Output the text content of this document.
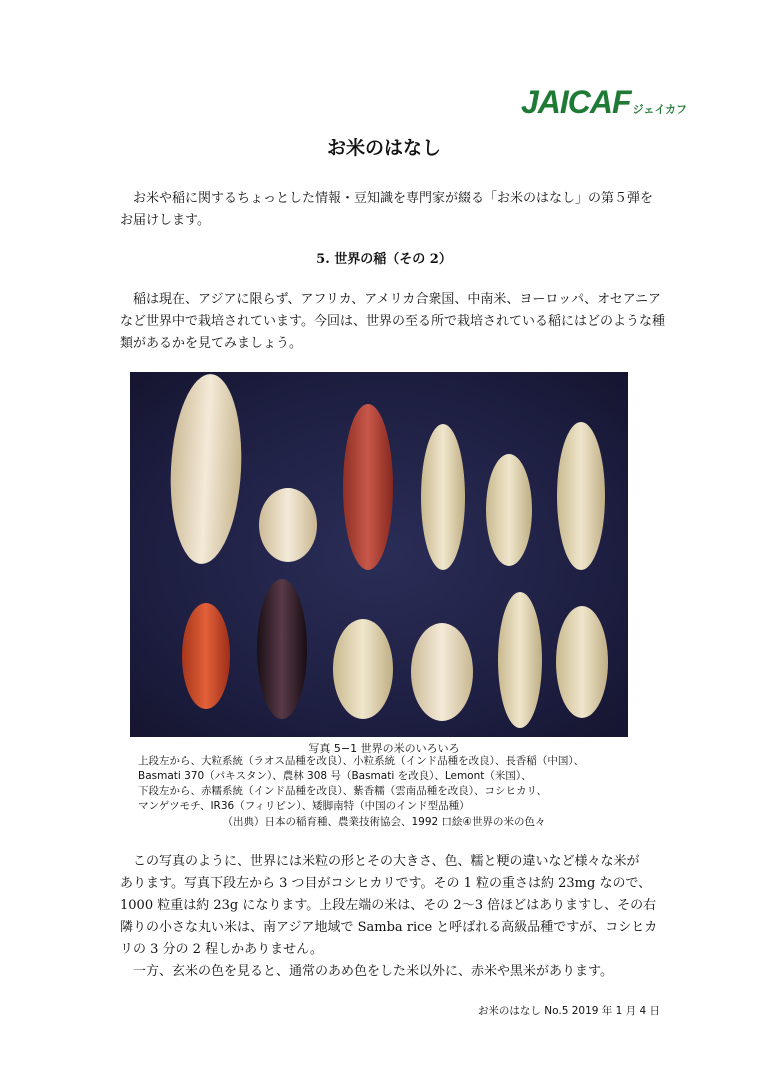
JAICAF ジェイカフ
お米のはなし

お米や稲に関するちょっとした情報・豆知識を専門家が綴る「お米のはなし」の第５弾をお届けします。

5. 世界の稲（その 2）

稲は現在、アジアに限らず、アフリカ、アメリカ合衆国、中南米、ヨーロッパ、オセアニアなど世界中で栽培されています。今回は、世界の至る所で栽培されている稲にはどのような種類があるかを見てみましょう。

写真 5−1 世界の米のいろいろ
上段左から、大粒系統（ラオス品種を改良）、小粒系統（インド品種を改良）、長香稲（中国）、
Basmati 370（パキスタン）、農林 308 号（Basmati を改良）、Lemont（米国）、
下段左から、赤糯系統（インド品種を改良）、紫香糯（雲南品種を改良）、コシヒカリ、
マンゲツモチ、IR36（フィリピン）、矮脚南特（中国のインド型品種）
（出典）日本の稲育種、農業技術協会、1992 口絵④世界の米の色々
この写真のように、世界には米粒の形とその大きさ、色、糯と粳の違いなど様々な米が
あります。写真下段左から 3 つ目がコシヒカリです。その 1 粒の重さは約 23mg なので、
1000 粒重は約 23g になります。上段左端の米は、その 2～3 倍ほどはありますし、その右
隣りの小さな丸い米は、南アジア地域で Samba rice と呼ばれる高級品種ですが、コシヒカ
リの 3 分の 2 程しかありません。
一方、玄米の色を見ると、通常のあめ色をした米以外に、赤米や黒米があります。
お米のはなし No.5 2019 年 1 月 4 日
